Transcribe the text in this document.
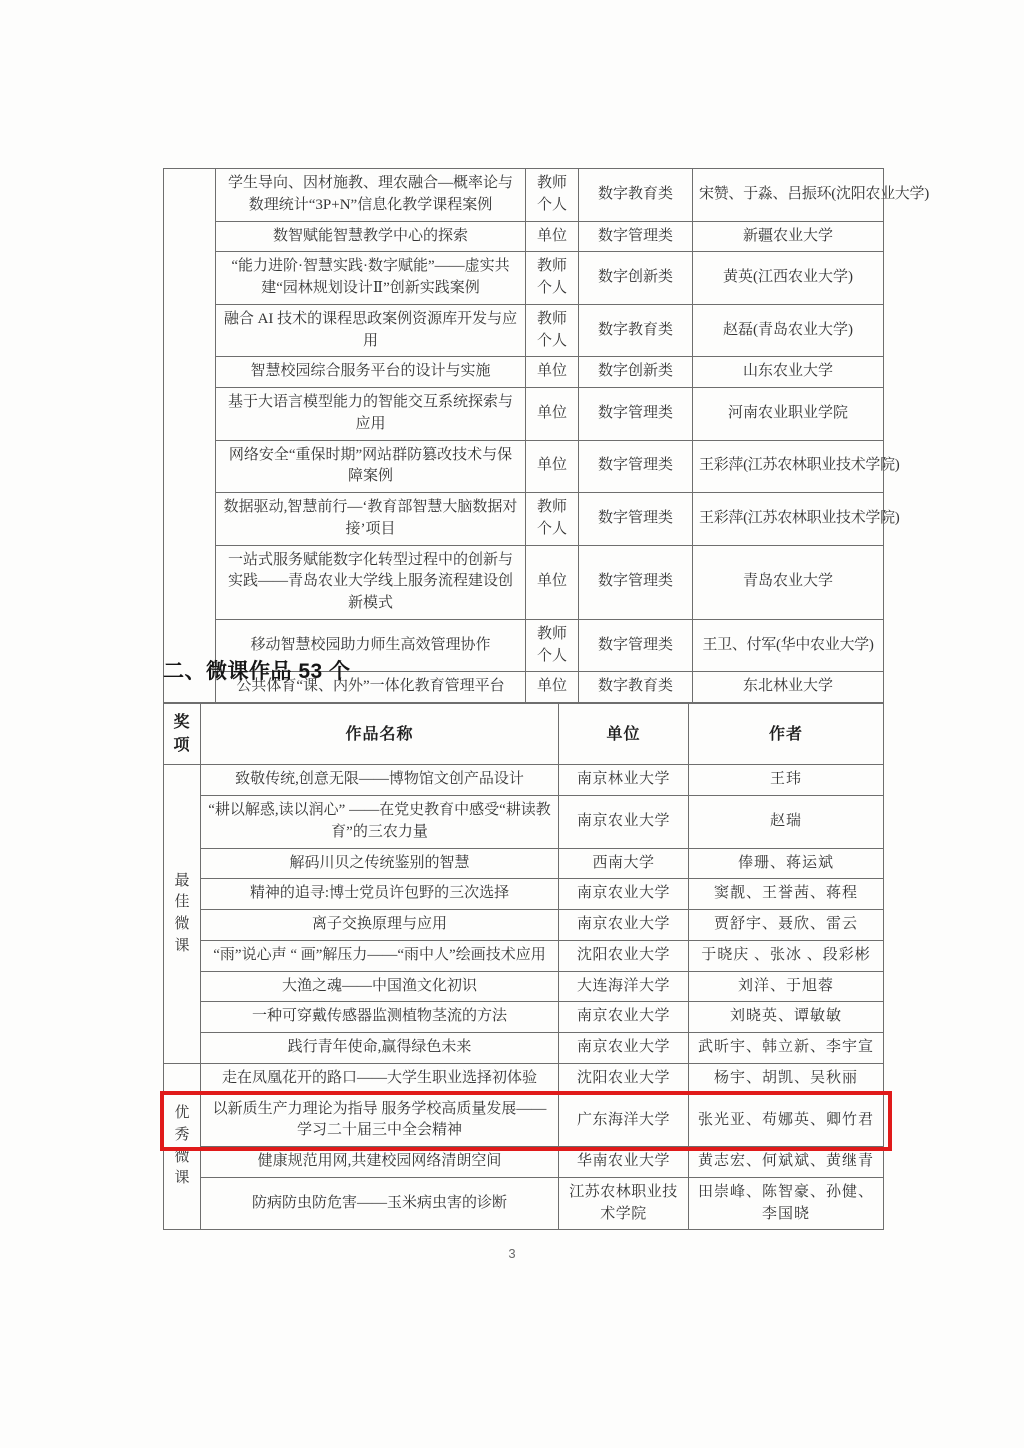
	学生导向、因材施教、理农融合—概率论与数理统计“3P+N”信息化教学课程案例	教师个人	数字教育类	宋赞、于淼、吕振环(沈阳农业大学)
	数智赋能智慧教学中心的探索	单位	数字管理类	新疆农业大学
	“能力进阶·智慧实践·数字赋能”——虚实共建“园林规划设计Ⅱ”创新实践案例	教师个人	数字创新类	黄英(江西农业大学)
	融合 AI 技术的课程思政案例资源库开发与应用	教师个人	数字教育类	赵磊(青岛农业大学)
	智慧校园综合服务平台的设计与实施	单位	数字创新类	山东农业大学
	基于大语言模型能力的智能交互系统探索与应用	单位	数字管理类	河南农业职业学院
	网络安全“重保时期”网站群防篡改技术与保障案例	单位	数字管理类	王彩萍(江苏农林职业技术学院)
	数据驱动,智慧前行—‘教育部智慧大脑数据对接’项目	教师个人	数字管理类	王彩萍(江苏农林职业技术学院)
	一站式服务赋能数字化转型过程中的创新与实践——青岛农业大学线上服务流程建设创新模式	单位	数字管理类	青岛农业大学
	移动智慧校园助力师生高效管理协作	教师个人	数字管理类	王卫、付军(华中农业大学)
	公共体育“课、内外”一体化教育管理平台	单位	数字教育类	东北林业大学
二、微课作品 53 个
奖项	作品名称	单位	作者
最佳微课	致敬传统,创意无限——博物馆文创产品设计	南京林业大学	王玮
	“耕以解惑,读以润心” ——在党史教育中感受“耕读教育”的三农力量	南京农业大学	赵瑞
	解码川贝之传统鉴别的智慧	西南大学	俸珊、蒋运斌
	精神的追寻:博士党员许包野的三次选择	南京农业大学	窦靓、王誉茜、蒋程
	离子交换原理与应用	南京农业大学	贾舒宇、聂欣、雷云
	“雨”说心声 “ 画”解压力——“雨中人”绘画技术应用	沈阳农业大学	于晓庆 、张冰 、段彩彬
	大渔之魂——中国渔文化初识	大连海洋大学	刘洋、于旭蓉
	一种可穿戴传感器监测植物茎流的方法	南京农业大学	刘晓英、谭敏敏
	践行青年使命,赢得绿色未来	南京农业大学	武昕宇、韩立新、李宇宣
优秀微课	走在凤凰花开的路口——大学生职业选择初体验	沈阳农业大学	杨宇、胡凯、吴秋丽
	以新质生产力理论为指导 服务学校高质量发展——学习二十届三中全会精神	广东海洋大学	张光亚、苟娜英、卿竹君
	健康规范用网,共建校园网络清朗空间	华南农业大学	黄志宏、何斌斌、黄继青
	防病防虫防危害——玉米病虫害的诊断	江苏农林职业技术学院	田崇峰、陈智豪、孙健、李国晓
3
